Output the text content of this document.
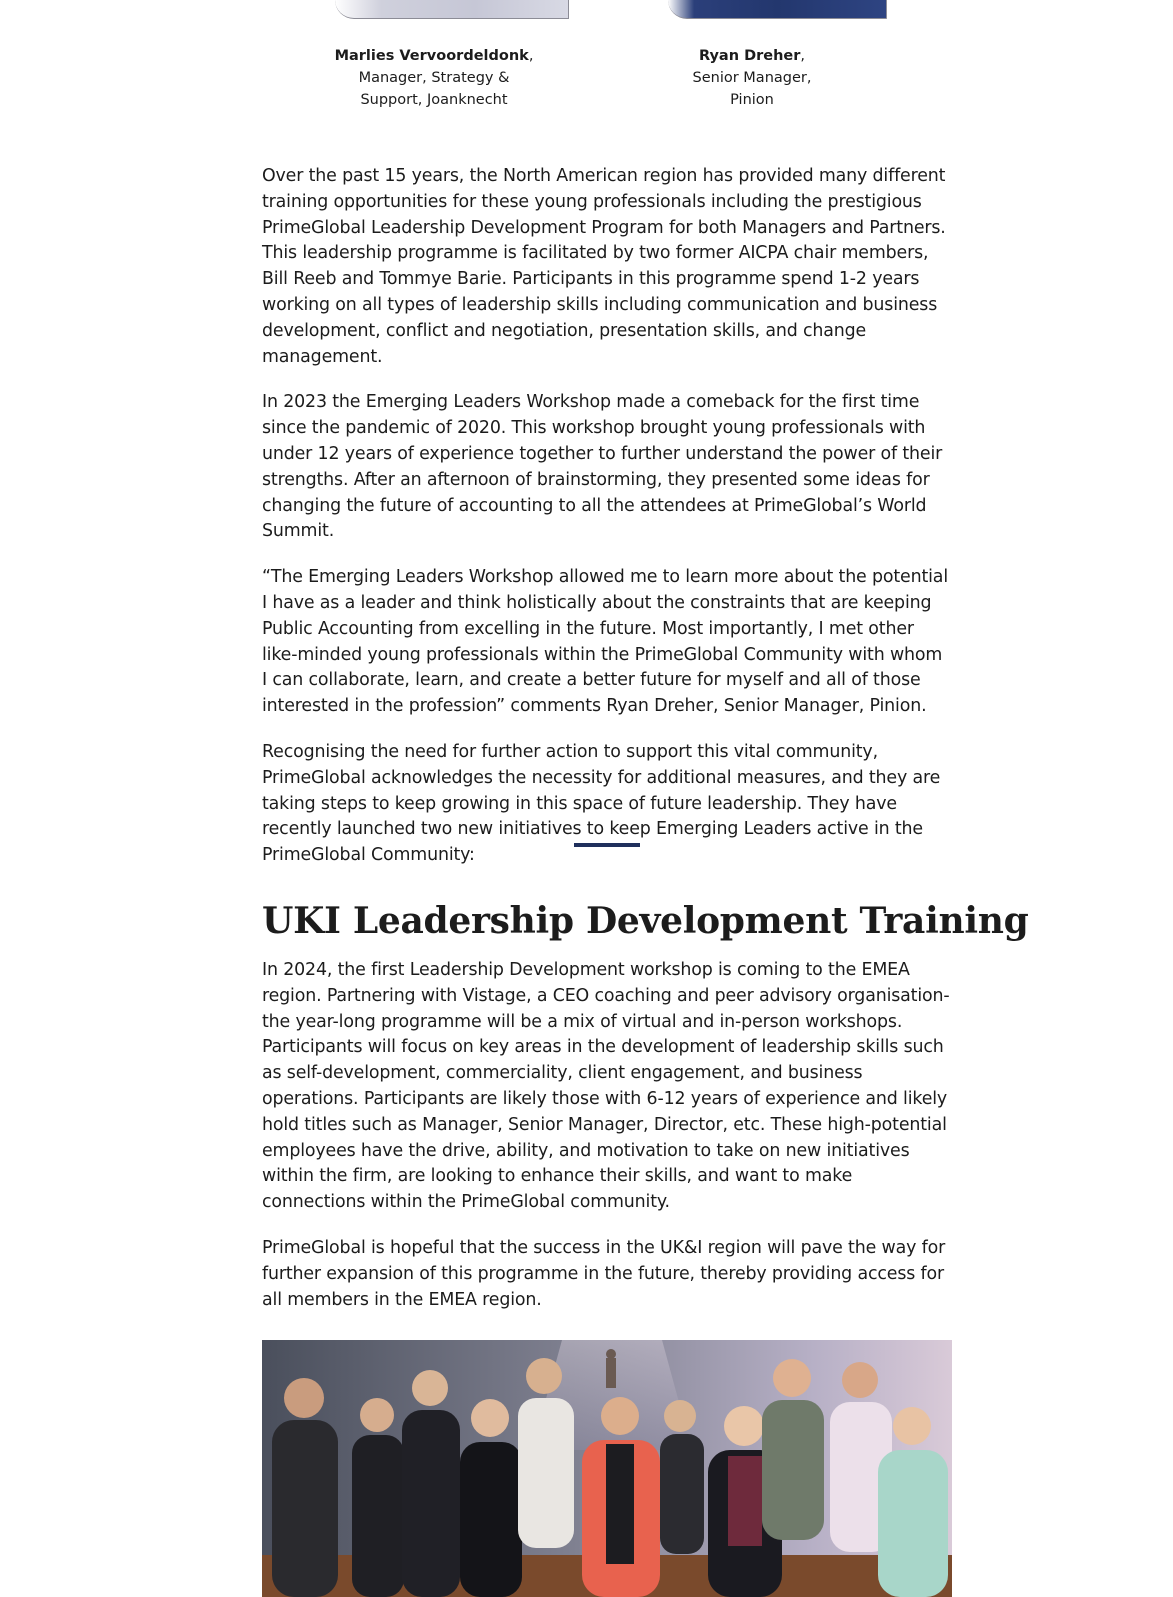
Marlies Vervoordeldonk,
Manager, Strategy &
Support, Joanknecht
Ryan Dreher,
Senior Manager,
Pinion

Over the past 15 years, the North American region has provided many different training opportunities for these young professionals including the prestigious PrimeGlobal Leadership Development Program for both Managers and Partners. This leadership programme is facilitated by two former AICPA chair members, Bill Reeb and Tommye Barie. Participants in this programme spend 1-2 years working on all types of leadership skills including communication and business development, conflict and negotiation, presentation skills, and change management.

In 2023 the Emerging Leaders Workshop made a comeback for the first time since the pandemic of 2020. This workshop brought young professionals with under 12 years of experience together to further understand the power of their strengths. After an afternoon of brainstorming, they presented some ideas for changing the future of accounting to all the attendees at PrimeGlobal’s World Summit.

“The Emerging Leaders Workshop allowed me to learn more about the potential I have as a leader and think holistically about the constraints that are keeping Public Accounting from excelling in the future. Most importantly, I met other like-minded young professionals within the PrimeGlobal Community with whom I can collaborate, learn, and create a better future for myself and all of those interested in the profession” comments Ryan Dreher, Senior Manager, Pinion.

Recognising the need for further action to support this vital community, PrimeGlobal acknowledges the necessity for additional measures, and they are taking steps to keep growing in this space of future leadership. They have recently launched two new initiatives to keep Emerging Leaders active in the PrimeGlobal Community:

UKI Leadership Development Training

In 2024, the first Leadership Development workshop is coming to the EMEA region. Partnering with Vistage, a CEO coaching and peer advisory organisation- the year-long programme will be a mix of virtual and in-person workshops. Participants will focus on key areas in the development of leadership skills such as self-development, commerciality, client engagement, and business operations. Participants are likely those with 6-12 years of experience and likely hold titles such as Manager, Senior Manager, Director, etc. These high-potential employees have the drive, ability, and motivation to take on new initiatives within the firm, are looking to enhance their skills, and want to make connections within the PrimeGlobal community.

PrimeGlobal is hopeful that the success in the UK&I region will pave the way for further expansion of this programme in the future, thereby providing access for all members in the EMEA region.
